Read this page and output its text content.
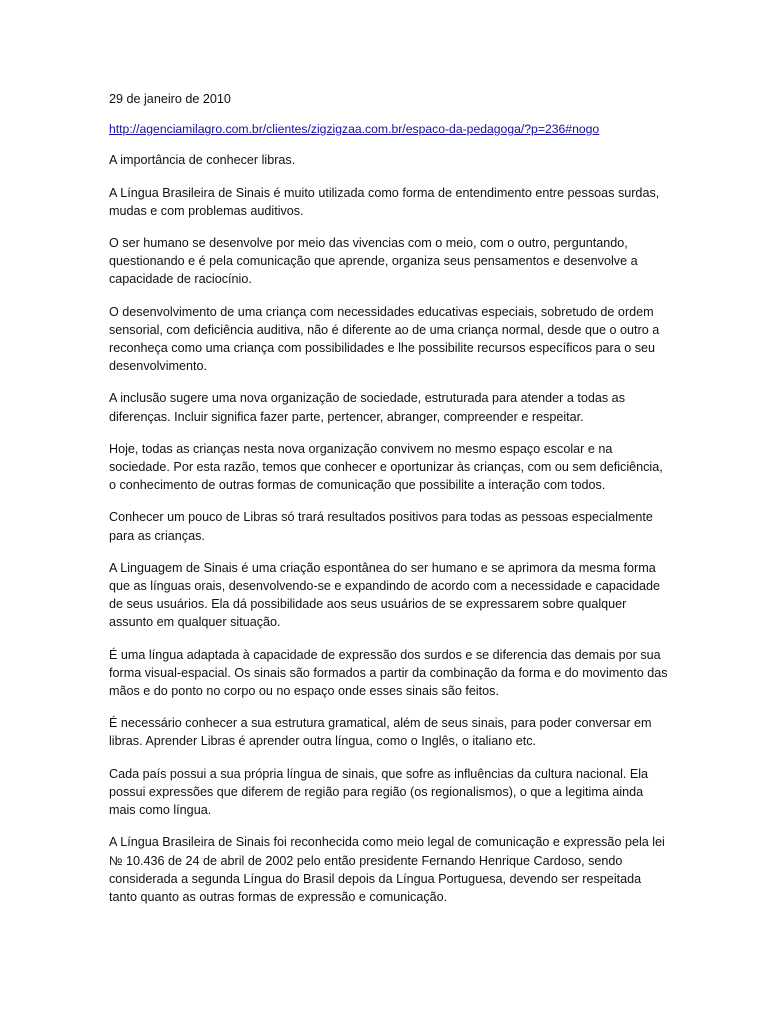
29 de janeiro de 2010

http://agenciamilagro.com.br/clientes/zigzigzaa.com.br/espaco-da-pedagoga/?p=236#nogo

A importância de conhecer libras.

A Língua Brasileira de Sinais é muito utilizada como forma de entendimento entre pessoas surdas, mudas e com problemas auditivos.

O ser humano se desenvolve por meio das vivencias com o meio, com o outro, perguntando, questionando e é pela comunicação que aprende, organiza seus pensamentos e desenvolve a capacidade de raciocínio.

O desenvolvimento de uma criança com necessidades educativas especiais, sobretudo de ordem sensorial, com deficiência auditiva, não é diferente ao de uma criança normal, desde que o outro a reconheça como uma criança com possibilidades e lhe possibilite recursos específicos para o seu desenvolvimento.

A inclusão sugere uma nova organização de sociedade, estruturada para atender a todas as diferenças. Incluir significa fazer parte, pertencer, abranger, compreender e respeitar.

Hoje, todas as crianças nesta nova organização convivem no mesmo espaço escolar e na sociedade. Por esta razão, temos que conhecer e oportunizar às crianças, com ou sem deficiência, o conhecimento de outras formas de comunicação que possibilite a interação com todos.

Conhecer um pouco de Libras só trará resultados positivos para todas as pessoas especialmente para as crianças.

A Linguagem de Sinais é uma criação espontânea do ser humano e se aprimora da mesma forma que as línguas orais, desenvolvendo-se e expandindo de acordo com a necessidade e capacidade de seus usuários. Ela dá possibilidade aos seus usuários de se expressarem sobre qualquer assunto em qualquer situação.

É uma língua adaptada à capacidade de expressão dos surdos e se diferencia das demais por sua forma visual-espacial. Os sinais são formados a partir da combinação da forma e do movimento das mãos e do ponto no corpo ou no espaço onde esses sinais são feitos.

É necessário conhecer a sua estrutura gramatical, além de seus sinais, para poder conversar em libras. Aprender Libras é aprender outra língua, como o Inglês, o italiano etc.

Cada país possui a sua própria língua de sinais, que sofre as influências da cultura nacional. Ela possui expressões que diferem de região para região (os regionalismos), o que a legitima ainda mais como língua.

A Língua Brasileira de Sinais foi reconhecida como meio legal de comunicação e expressão pela lei № 10.436 de 24 de abril de 2002 pelo então presidente Fernando Henrique Cardoso, sendo considerada a segunda Língua do Brasil depois da Língua Portuguesa, devendo ser respeitada tanto quanto as outras formas de expressão e comunicação.
